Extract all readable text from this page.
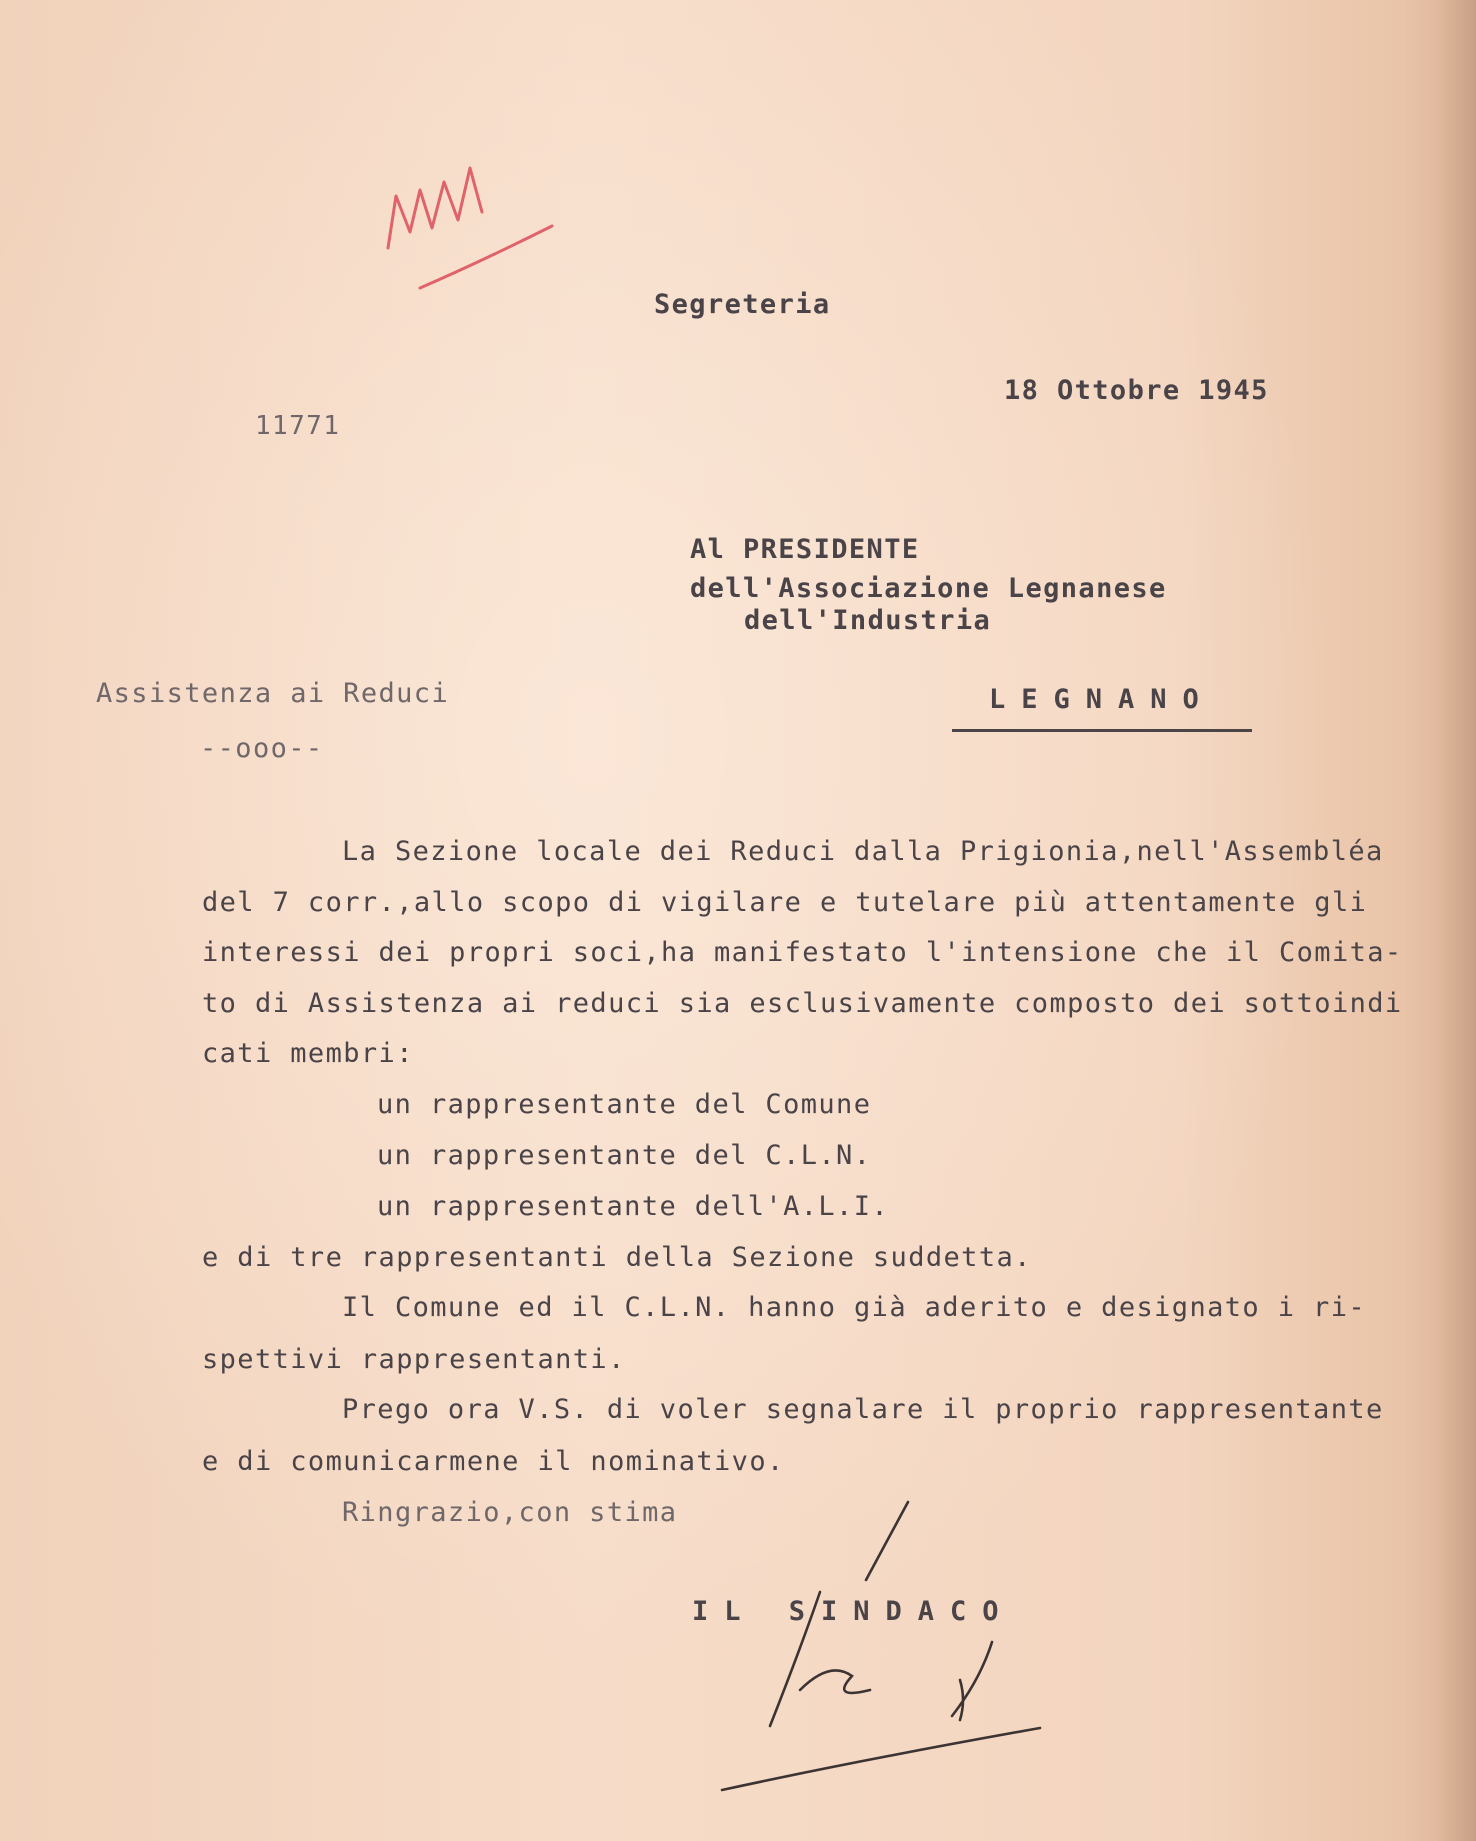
Segreteria
18 Ottobre 1945
11771
Al PRESIDENTE
dell'Associazione Legnanese
dell'Industria
LEGNANO
Assistenza ai Reduci
--ooo--
La Sezione locale dei Reduci dalla Prigionia,nell'Assembléa
del 7 corr.,allo scopo di vigilare e tutelare più attentamente gli
interessi dei propri soci,ha manifestato l'intensione che il Comita-
to di Assistenza ai reduci sia esclusivamente composto dei sottoindi
cati membri:
un rappresentante del Comune
un rappresentante del C.L.N.
un rappresentante dell'A.L.I.
e di tre rappresentanti della Sezione suddetta.
Il Comune ed il C.L.N. hanno già aderito e designato i ri-
spettivi rappresentanti.
Prego ora V.S. di voler segnalare il proprio rappresentante
e di comunicarmene il nominativo.
Ringrazio,con stima
IL SINDACO
